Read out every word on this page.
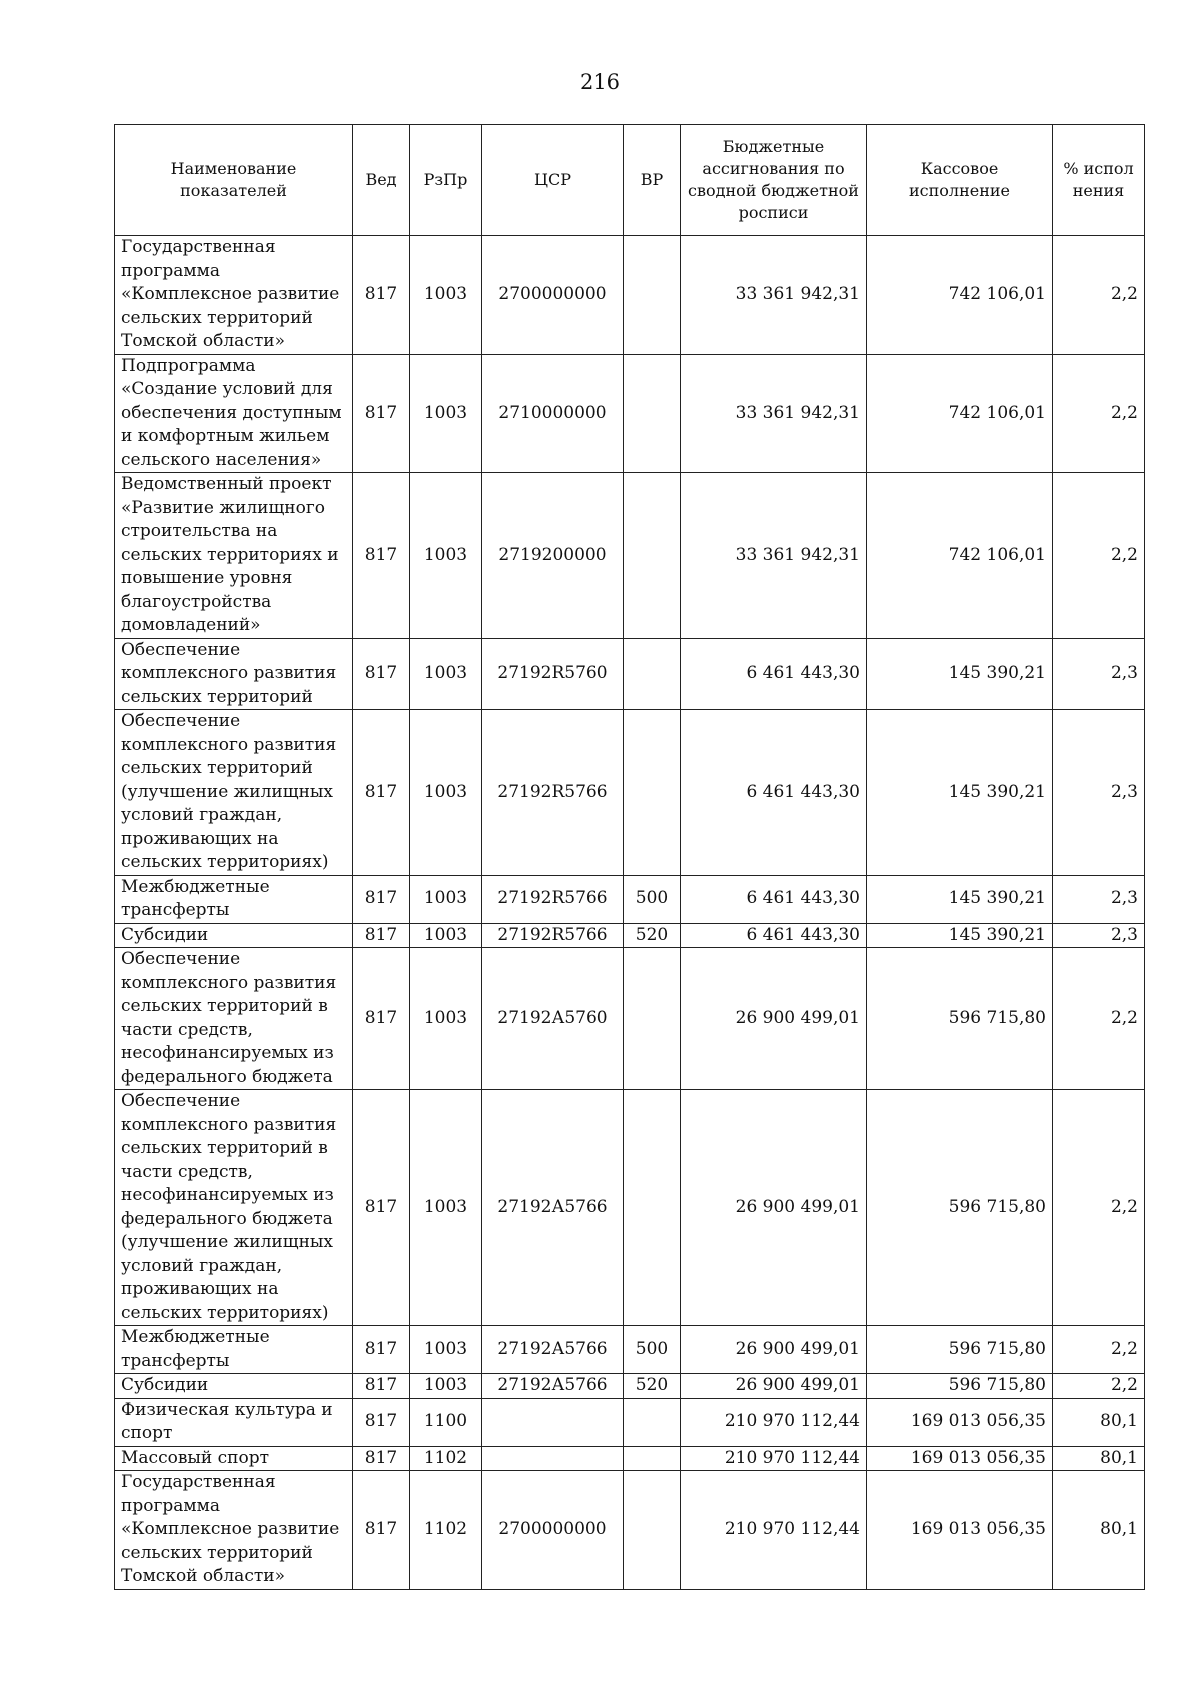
216
Наименование показателей	Вед	РзПр	ЦСР	ВР	Бюджетные ассигнования по сводной бюджетной росписи	Кассовое исполнение	% испол нения
Государственная программа «Комплексное развитие сельских территорий Томской области»	817	1003	2700000000		33 361 942,31	742 106,01	2,2
Подпрограмма «Создание условий для обеспечения доступным и комфортным жильем сельского населения»	817	1003	2710000000		33 361 942,31	742 106,01	2,2
Ведомственный проект «Развитие жилищного строительства на сельских территориях и повышение уровня благоустройства домовладений»	817	1003	2719200000		33 361 942,31	742 106,01	2,2
Обеспечение комплексного развития сельских территорий	817	1003	27192R5760		6 461 443,30	145 390,21	2,3
Обеспечение комплексного развития сельских территорий (улучшение жилищных условий граждан, проживающих на сельских территориях)	817	1003	27192R5766		6 461 443,30	145 390,21	2,3
Межбюджетные трансферты	817	1003	27192R5766	500	6 461 443,30	145 390,21	2,3
Субсидии	817	1003	27192R5766	520	6 461 443,30	145 390,21	2,3
Обеспечение комплексного развития сельских территорий в части средств, несофинансируемых из федерального бюджета	817	1003	27192А5760		26 900 499,01	596 715,80	2,2
Обеспечение комплексного развития сельских территорий в части средств, несофинансируемых из федерального бюджета (улучшение жилищных условий граждан, проживающих на сельских территориях)	817	1003	27192А5766		26 900 499,01	596 715,80	2,2
Межбюджетные трансферты	817	1003	27192А5766	500	26 900 499,01	596 715,80	2,2
Субсидии	817	1003	27192А5766	520	26 900 499,01	596 715,80	2,2
Физическая культура и спорт	817	1100			210 970 112,44	169 013 056,35	80,1
Массовый спорт	817	1102			210 970 112,44	169 013 056,35	80,1
Государственная программа «Комплексное развитие сельских территорий Томской области»	817	1102	2700000000		210 970 112,44	169 013 056,35	80,1
